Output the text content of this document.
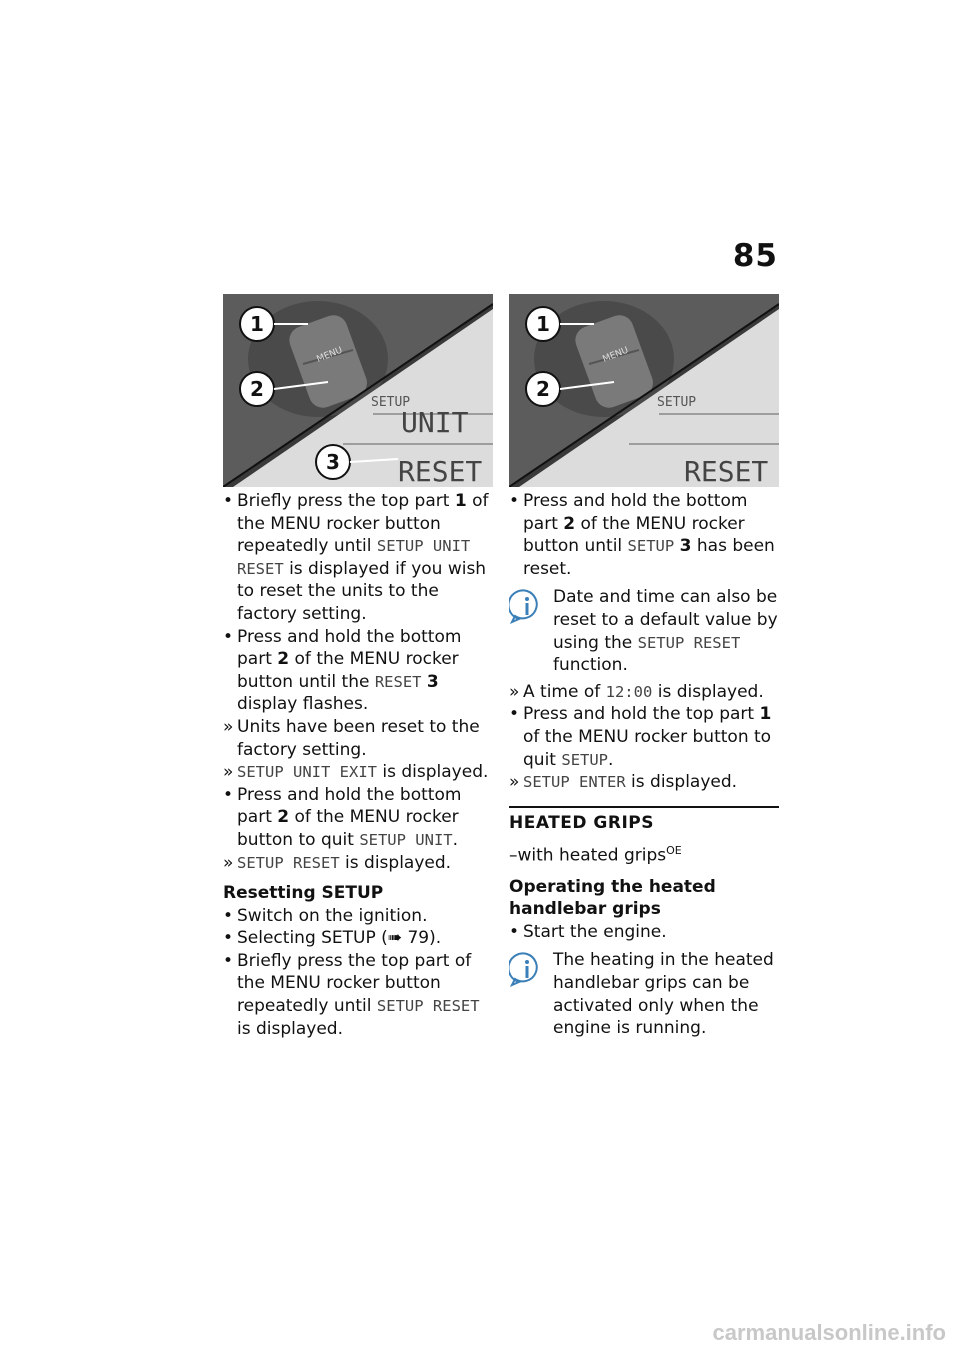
85
MENU
SETUP
UNIT
RESET
1
2
3
MENU
SETUP
RESET
1
2
• Briefly press the top part 1 of the MENU rocker button repeatedly until SETUP UNIT RESET is displayed if you wish to reset the units to the factory setting.
• Press and hold the bottom part 2 of the MENU rocker button until the RESET 3 display flashes.
» Units have been reset to the factory setting.
» SETUP UNIT EXIT is displayed.
• Press and hold the bottom part 2 of the MENU rocker button to quit SETUP UNIT.
» SETUP RESET is displayed.
Resetting SETUP
• Switch on the ignition.
• Selecting SETUP (➠ 79).
• Briefly press the top part of the MENU rocker button repeatedly until SETUP RESET is displayed.
• Press and hold the bottom part 2 of the MENU rocker button until SETUP 3 has been reset.
Date and time can also be reset to a default value by using the SETUP RESET function.
» A time of 12:00 is displayed.
• Press and hold the top part 1 of the MENU rocker button to quit SETUP.
» SETUP ENTER is displayed.
HEATED GRIPS
–with heated grips$^{OE}$
Operating the heated handlebar grips
• Start the engine.
The heating in the heated handlebar grips can be activated only when the engine is running.
carmanualsonline.info
